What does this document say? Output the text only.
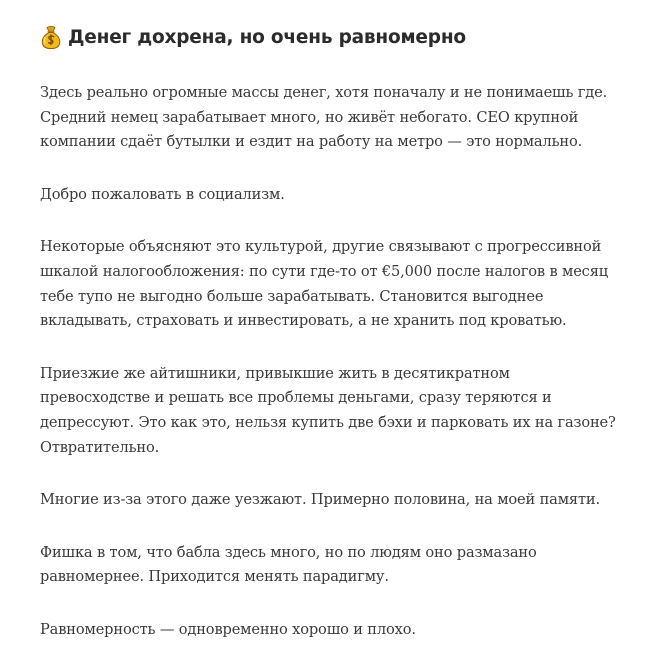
Денег дохрена, но очень равномерно

Здесь реально огромные массы денег, хотя поначалу и не понимаешь где.
Средний немец зарабатывает много, но живёт небогато. CEO крупной
компании сдаёт бутылки и ездит на работу на метро — это нормально.

Добро пожаловать в социализм.

Некоторые объясняют это культурой, другие связывают с прогрессивной
шкалой налогообложения: по сути где-то от €5,000 после налогов в месяц
тебе тупо не выгодно больше зарабатывать. Становится выгоднее
вкладывать, страховать и инвестировать, а не хранить под кроватью.

Приезжие же айтишники, привыкшие жить в десятикратном
превосходстве и решать все проблемы деньгами, сразу теряются и
депрессуют. Это как это, нельзя купить две бэхи и парковать их на газоне?
Отвратительно.

Многие из-за этого даже уезжают. Примерно половина, на моей памяти.

Фишка в том, что бабла здесь много, но по людям оно размазано
равномернее. Приходится менять парадигму.

Равномерность — одновременно хорошо и плохо.
